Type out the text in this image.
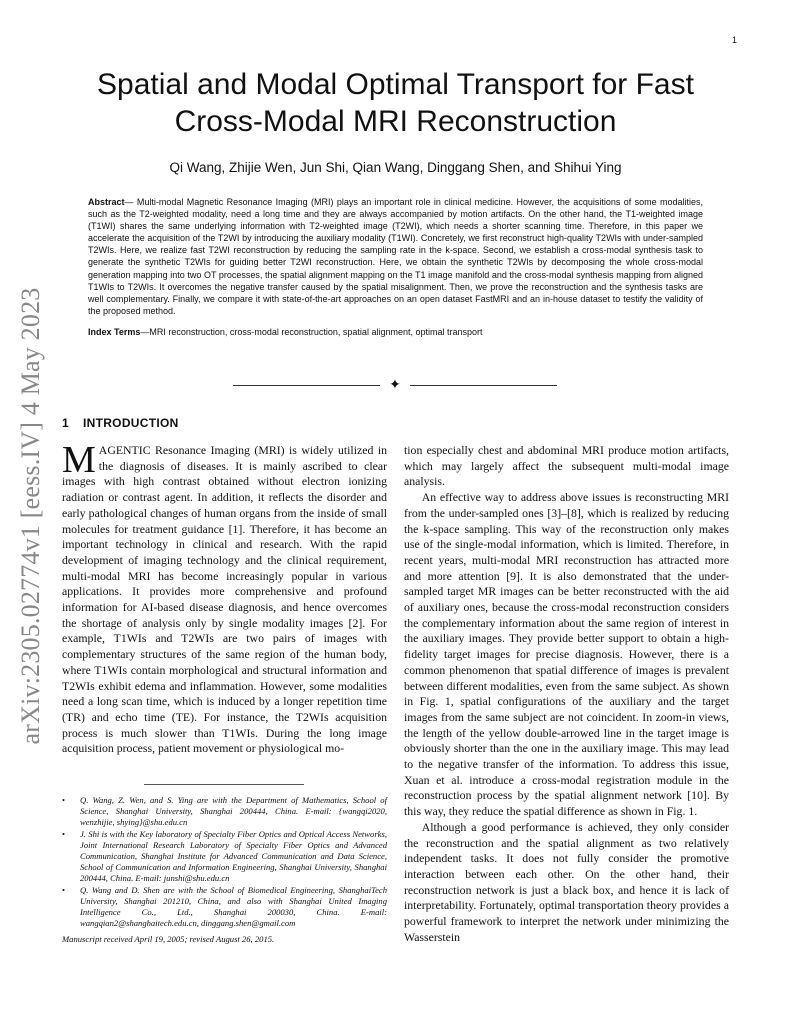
1
arXiv:2305.02774v1 [eess.IV] 4 May 2023
Spatial and Modal Optimal Transport for Fast
Cross-Modal MRI Reconstruction
Qi Wang, Zhijie Wen, Jun Shi, Qian Wang, Dinggang Shen, and Shihui Ying
Abstract— Multi-modal Magnetic Resonance Imaging (MRI) plays an important role in clinical medicine. However, the acquisitions of some modalities, such as the T2-weighted modality, need a long time and they are always accompanied by motion artifacts. On the other hand, the T1-weighted image (T1WI) shares the same underlying information with T2-weighted image (T2WI), which needs a shorter scanning time. Therefore, in this paper we accelerate the acquisition of the T2WI by introducing the auxiliary modality (T1WI). Concretely, we first reconstruct high-quality T2WIs with under-sampled T2WIs. Here, we realize fast T2WI reconstruction by reducing the sampling rate in the k-space. Second, we establish a cross-modal synthesis task to generate the synthetic T2WIs for guiding better T2WI reconstruction. Here, we obtain the synthetic T2WIs by decomposing the whole cross-modal generation mapping into two OT processes, the spatial alignment mapping on the T1 image manifold and the cross-modal synthesis mapping from aligned T1WIs to T2WIs. It overcomes the negative transfer caused by the spatial misalignment. Then, we prove the reconstruction and the synthesis tasks are well complementary. Finally, we compare it with state-of-the-art approaches on an open dataset FastMRI and an in-house dataset to testify the validity of the proposed method.
Index Terms—MRI reconstruction, cross-modal reconstruction, spatial alignment, optimal transport
✦
1 INTRODUCTION

MAGENTIC Resonance Imaging (MRI) is widely utilized in the diagnosis of diseases. It is mainly ascribed to clear images with high contrast obtained without electron ionizing radiation or contrast agent. In addition, it reflects the disorder and early pathological changes of human organs from the inside of small molecules for treatment guidance [1]. Therefore, it has become an important technology in clinical and research. With the rapid development of imaging technology and the clinical requirement, multi-modal MRI has become increasingly popular in various applications. It provides more comprehensive and profound information for AI-based disease diagnosis, and hence overcomes the shortage of analysis only by single modality images [2]. For example, T1WIs and T2WIs are two pairs of images with complementary structures of the same region of the human body, where T1WIs contain morphological and structural information and T2WIs exhibit edema and inflammation. However, some modalities need a long scan time, which is induced by a longer repetition time (TR) and echo time (TE). For instance, the T2WIs acquisition process is much slower than T1WIs. During the long image acquisition process, patient movement or physiological mo-

tion especially chest and abdominal MRI produce motion artifacts, which may largely affect the subsequent multi-modal image analysis.

An effective way to address above issues is reconstructing MRI from the under-sampled ones [3]–[8], which is realized by reducing the k-space sampling. This way of the reconstruction only makes use of the single-modal information, which is limited. Therefore, in recent years, multi-modal MRI reconstruction has attracted more and more attention [9]. It is also demonstrated that the under-sampled target MR images can be better reconstructed with the aid of auxiliary ones, because the cross-modal reconstruction considers the complementary information about the same region of interest in the auxiliary images. They provide better support to obtain a high-fidelity target images for precise diagnosis. However, there is a common phenomenon that spatial difference of images is prevalent between different modalities, even from the same subject. As shown in Fig. 1, spatial configurations of the auxiliary and the target images from the same subject are not coincident. In zoom-in views, the length of the yellow double-arrowed line in the target image is obviously shorter than the one in the auxiliary image. This may lead to the negative transfer of the information. To address this issue, Xuan et al. introduce a cross-modal registration module in the reconstruction process by the spatial alignment network [10]. By this way, they reduce the spatial difference as shown in Fig. 1.

Although a good performance is achieved, they only consider the reconstruction and the spatial alignment as two relatively independent tasks. It does not fully consider the promotive interaction between each other. On the other hand, their reconstruction network is just a black box, and hence it is lack of interpretability. Fortunately, optimal transportation theory provides a powerful framework to interpret the network under minimizing the Wasserstein

• Q. Wang, Z. Wen, and S. Ying are with the Department of Mathematics, School of Science, Shanghai University, Shanghai 200444, China. E-mail: {wangqi2020, wenzhijie, shying}@shu.edu.cn
• J. Shi is with the Key laboratory of Specialty Fiber Optics and Optical Access Networks, Joint International Research Laboratory of Specialty Fiber Optics and Advanced Communication, Shanghai Institute for Advanced Communication and Data Science, School of Communication and Information Engineering, Shanghai University, Shanghai 200444, China. E-mail: junshi@shu.edu.cn
• Q. Wang and D. Shen are with the School of Biomedical Engineering, ShanghaiTech University, Shanghai 201210, China, and also with Shanghai United Imaging Intelligence Co., Ltd., Shanghai 200030, China. E-mail: wangqian2@shanghaitech.edu.cn, dinggang.shen@gmail.com
Manuscript received April 19, 2005; revised August 26, 2015.
